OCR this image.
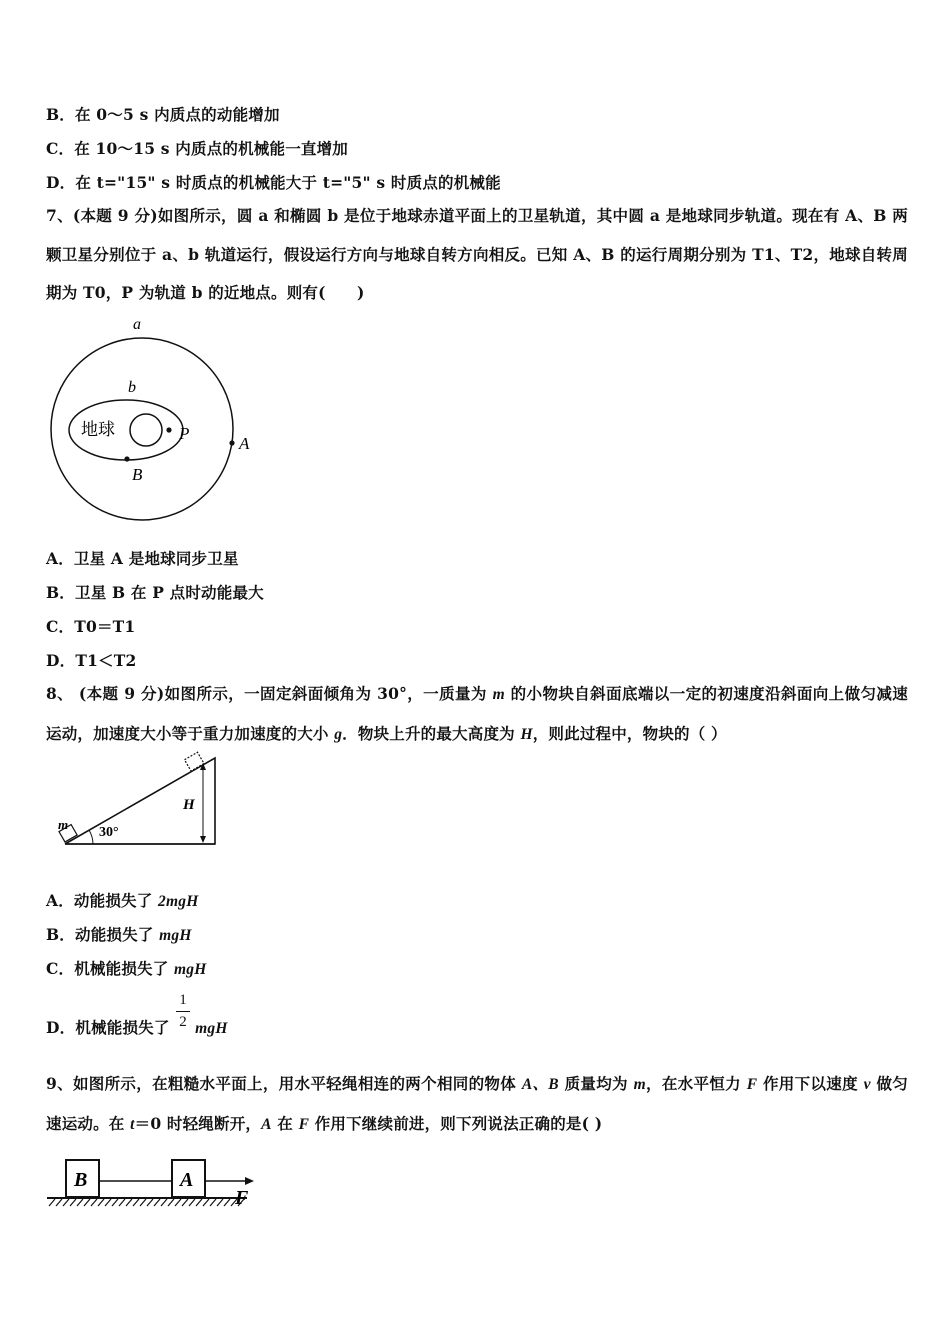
B．在 0～5 s 内质点的动能增加
C．在 10～15 s 内质点的机械能一直增加
D．在 t="15" s 时质点的机械能大于 t="5" s 时质点的机械能
7、(本题 9 分)如图所示，圆 a 和椭圆 b 是位于地球赤道平面上的卫星轨道，其中圆 a 是地球同步轨道。现在有 A、B 两颗卫星分别位于 a、b 轨道运行，假设运行方向与地球自转方向相反。已知 A、B 的运行周期分别为 T1、T2，地球自转周期为 T0，P 为轨道 b 的近地点。则有(　　)
a
b
地球	P
A
B
A．卫星 A 是地球同步卫星
B．卫星 B 在 P 点时动能最大
C．T0＝T1
D．T1＜T2
8、 (本题 9 分)如图所示，一固定斜面倾角为 30°，一质量为 m 的小物块自斜面底端以一定的初速度沿斜面向上做匀减速运动，加速度大小等于重力加速度的大小 g．物块上升的最大高度为 H，则此过程中，物块的（ ）
30°
H
m
A．动能损失了 2mgH
B．动能损失了 mgH
C．机械能损失了 mgH
D．机械能损失了 mgH
1
2
9、如图所示，在粗糙水平面上，用水平轻绳相连的两个相同的物体 A、B 质量均为 m，在水平恒力 F 作用下以速度 v 做匀速运动。在 t＝0 时轻绳断开，A 在 F 作用下继续前进，则下列说法正确的是( )
B	A
F
